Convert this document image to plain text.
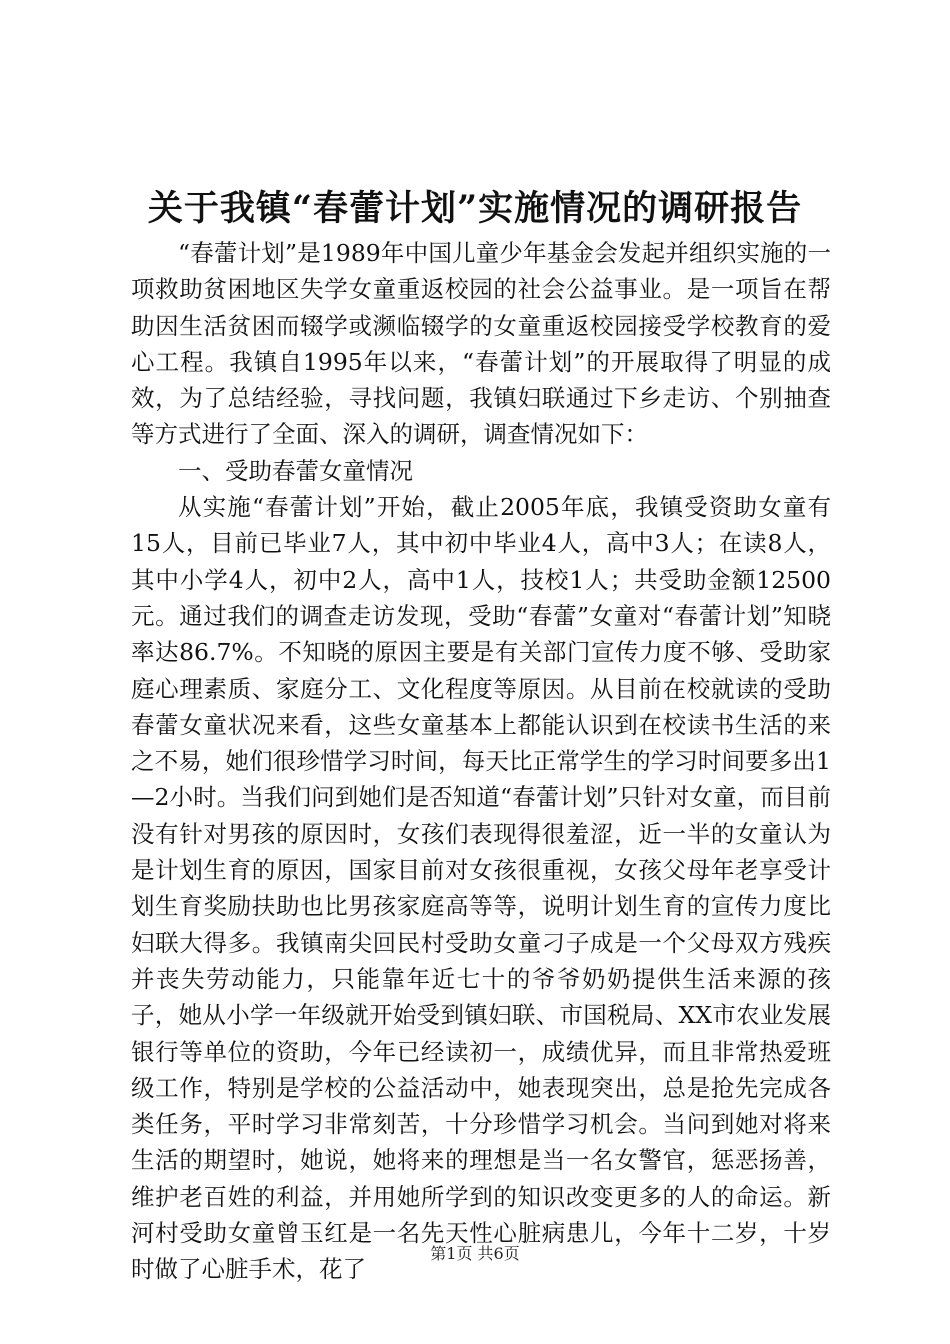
关于我镇“春蕾计划”实施情况的调研报告

“春蕾计划”是1989年中国儿童少年基金会发起并组织实施的一项救助贫困地区失学女童重返校园的社会公益事业。是一项旨在帮助因生活贫困而辍学或濒临辍学的女童重返校园接受学校教育的爱心工程。我镇自1995年以来，“春蕾计划”的开展取得了明显的成效，为了总结经验，寻找问题，我镇妇联通过下乡走访、个别抽查等方式进行了全面、深入的调研，调查情况如下：

一、受助春蕾女童情况

从实施“春蕾计划”开始，截止2005年底，我镇受资助女童有15人，目前已毕业7人，其中初中毕业4人，高中3人；在读8人，其中小学4人，初中2人，高中1人，技校1人；共受助金额12500元。通过我们的调查走访发现，受助“春蕾”女童对“春蕾计划”知晓率达86.7%。不知晓的原因主要是有关部门宣传力度不够、受助家庭心理素质、家庭分工、文化程度等原因。从目前在校就读的受助春蕾女童状况来看，这些女童基本上都能认识到在校读书生活的来之不易，她们很珍惜学习时间，每天比正常学生的学习时间要多出1—2小时。当我们问到她们是否知道“春蕾计划”只针对女童，而目前没有针对男孩的原因时，女孩们表现得很羞涩，近一半的女童认为是计划生育的原因，国家目前对女孩很重视，女孩父母年老享受计划生育奖励扶助也比男孩家庭高等等，说明计划生育的宣传力度比妇联大得多。我镇南尖回民村受助女童刁子成是一个父母双方残疾并丧失劳动能力，只能靠年近七十的爷爷奶奶提供生活来源的孩子，她从小学一年级就开始受到镇妇联、市国税局、XX市农业发展银行等单位的资助，今年已经读初一，成绩优异，而且非常热爱班级工作，特别是学校的公益活动中，她表现突出，总是抢先完成各类任务，平时学习非常刻苦，十分珍惜学习机会。当问到她对将来生活的期望时，她说，她将来的理想是当一名女警官，惩恶扬善，维护老百姓的利益，并用她所学到的知识改变更多的人的命运。新河村受助女童曾玉红是一名先天性心脏病患儿，今年十二岁，十岁时做了心脏手术，花了

第1页 共6页
